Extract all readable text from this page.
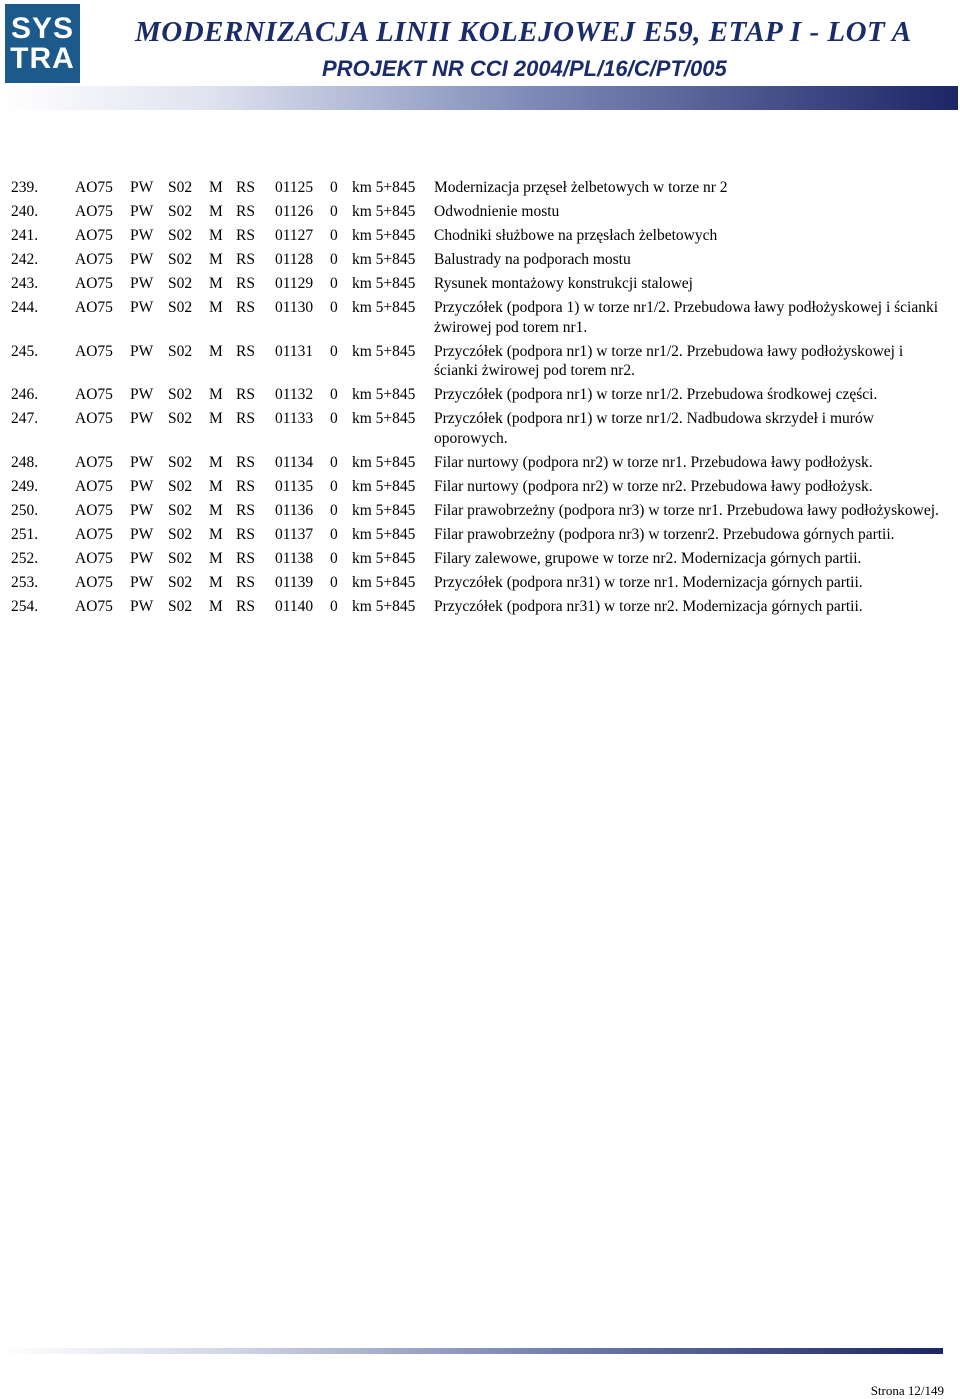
SYS
TRA
MODERNIZACJA LINII KOLEJOWEJ E59, ETAP I - LOT A
PROJEKT NR CCI 2004/PL/16/C/PT/005
239. AO75 PW S02 M RS 01125 0 km 5+845 Modernizacja przęseł żelbetowych w torze nr 2
240. AO75 PW S02 M RS 01126 0 km 5+845 Odwodnienie mostu
241. AO75 PW S02 M RS 01127 0 km 5+845 Chodniki służbowe na przęsłach żelbetowych
242. AO75 PW S02 M RS 01128 0 km 5+845 Balustrady na podporach mostu
243. AO75 PW S02 M RS 01129 0 km 5+845 Rysunek montażowy konstrukcji stalowej
244. AO75 PW S02 M RS 01130 0 km 5+845 Przyczółek (podpora 1) w torze nr1/2. Przebudowa ławy podłożyskowej i ścianki żwirowej pod torem nr1.
245. AO75 PW S02 M RS 01131 0 km 5+845 Przyczółek (podpora nr1) w torze nr1/2. Przebudowa ławy podłożyskowej i ścianki żwirowej pod torem nr2.
246. AO75 PW S02 M RS 01132 0 km 5+845 Przyczółek (podpora nr1) w torze nr1/2. Przebudowa środkowej części.
247. AO75 PW S02 M RS 01133 0 km 5+845 Przyczółek (podpora nr1) w torze nr1/2. Nadbudowa skrzydeł i murów oporowych.
248. AO75 PW S02 M RS 01134 0 km 5+845 Filar nurtowy (podpora nr2) w torze nr1. Przebudowa ławy podłożysk.
249. AO75 PW S02 M RS 01135 0 km 5+845 Filar nurtowy (podpora nr2) w torze nr2. Przebudowa ławy podłożysk.
250. AO75 PW S02 M RS 01136 0 km 5+845 Filar prawobrzeżny (podpora nr3) w torze nr1. Przebudowa ławy podłożyskowej.
251. AO75 PW S02 M RS 01137 0 km 5+845 Filar prawobrzeżny (podpora nr3) w torzenr2. Przebudowa górnych partii.
252. AO75 PW S02 M RS 01138 0 km 5+845 Filary zalewowe, grupowe w torze nr2. Modernizacja górnych partii.
253. AO75 PW S02 M RS 01139 0 km 5+845 Przyczółek (podpora nr31) w torze nr1. Modernizacja górnych partii.
254. AO75 PW S02 M RS 01140 0 km 5+845 Przyczółek (podpora nr31) w torze nr2. Modernizacja górnych partii.
Strona 12/149
